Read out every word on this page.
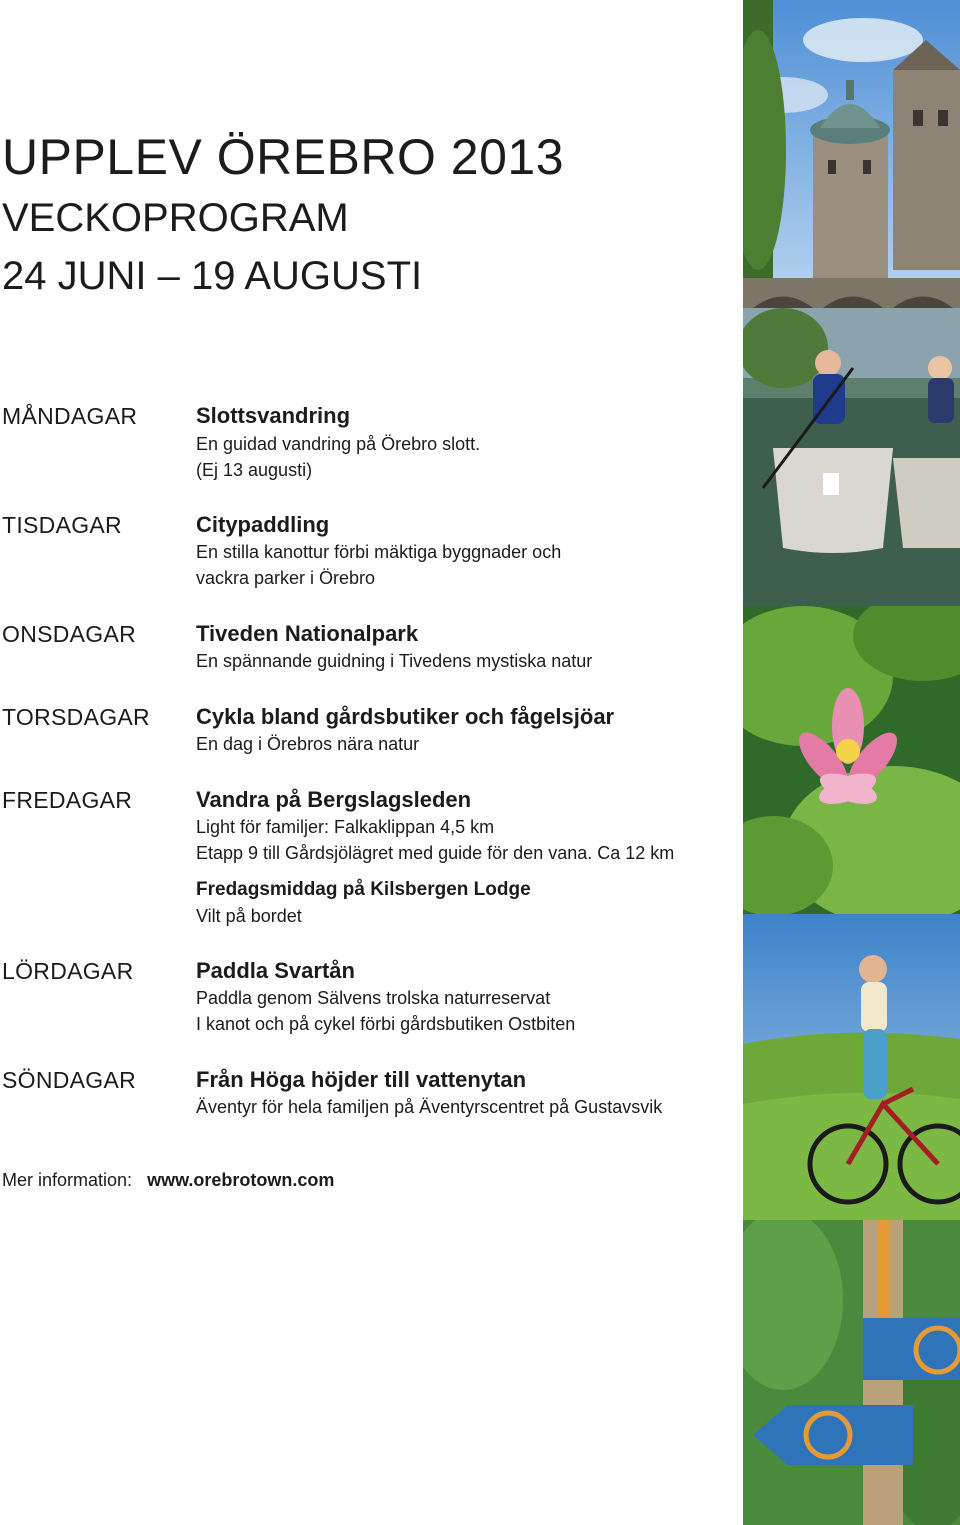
UPPLEV ÖREBRO 2013
VECKOPROGRAM
24 JUNI – 19 AUGUSTI
MÅNDAGAR	Slottsvandring
En guidad vandring på Örebro slott.
(Ej 13 augusti)
TISDAGAR	Citypaddling
En stilla kanottur förbi mäktiga byggnader och
vackra parker i Örebro
ONSDAGAR	Tiveden Nationalpark
En spännande guidning i Tivedens mystiska natur
TORSDAGAR Cykla bland gårdsbutiker och fågelsjöar
En dag i Örebros nära natur
FREDAGAR	Vandra på Bergslagsleden
Light för familjer: Falkaklippan 4,5 km
Etapp 9 till Gårdsjölägret med guide för den vana. Ca 12 km
Fredagsmiddag på Kilsbergen Lodge
Vilt på bordet
LÖRDAGAR	Paddla Svartån
Paddla genom Sälvens trolska naturreservat
I kanot och på cykel förbi gårdsbutiken Ostbiten
SÖNDAGAR	Från Höga höjder till vattenytan
Äventyr för hela familjen på Äventyrscentret på Gustavsvik
Mer information: www.orebrotown.com
